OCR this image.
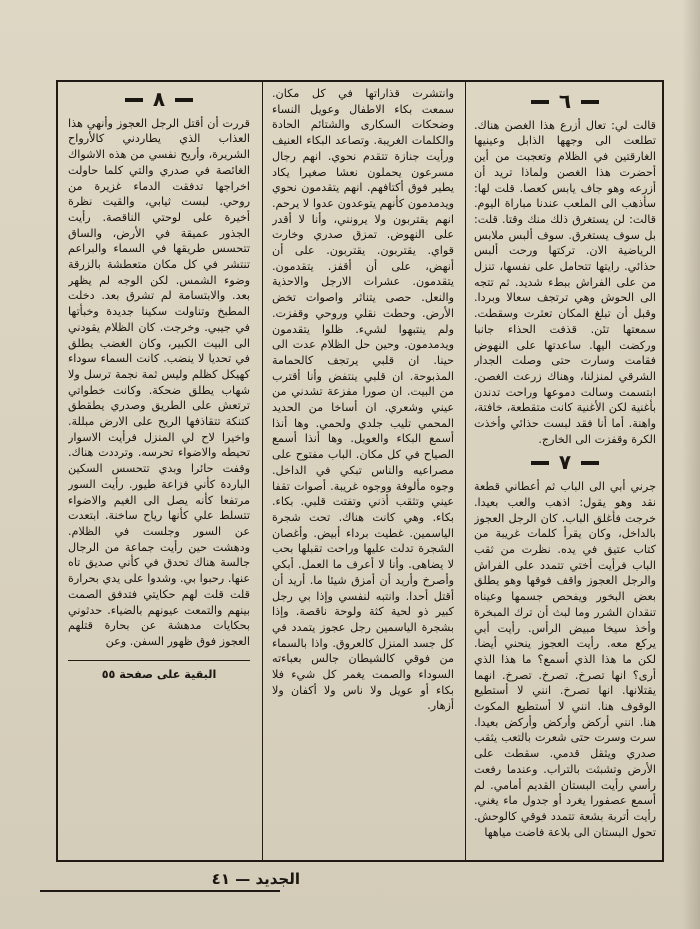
٦

قالت لي: تعال أزرع هذا الغصن هناك. تطلعت الى وجهها الذابل وعينيها الغارقتين في الظلام وتعجبت من أين أحضرت هذا الغصن ولماذا تريد أن أزرعه وهو جاف يابس كعصا. قلت لها: سأذهب الى الملعب عندنا مباراة اليوم. قالت: لن يستغرق ذلك منك وقتا. قلت: بل سوف يستغرق. سوف ألبس ملابس الرياضية الان. تركتها ورحت ألبس حذائي. رايتها تتحامل على نفسها، تنزل من على الفراش ببطء شديد. ثم تتجه الى الحوش وهي ترتجف سعالا وبردا. وقبل أن تبلغ المكان تعثرت وسقطت. سمعتها تئن. قذفت الحذاء جانبا وركضت اليها. ساعدتها على النهوض فقامت وسارت حتى وصلت الجدار الشرقي لمنزلنا، وهناك زرعت الغصن. ابتسمت وسالت دموعها وراحت تدندن بأغنية لكن الأغنية كانت متقطعة، خافتة، واهنة. أما أنا فقد لبست حذائي وأخذت الكرة وقفزت الى الخارج.

٧

جرني أبي الى الباب ثم أعطاني قطعة نقد وهو يقول: اذهب والعب بعيدا. خرجت فأغلق الباب. كان الرجل العجوز بالداخل، وكان يقرأ كلمات غريبة من كتاب عتيق في يده. نظرت من ثقب الباب فرأيت أختي تتمدد على الفراش والرجل العجوز واقف فوقها وهو يطلق بعض البخور ويفحص جسمها وعيناه تنقدان الشرر وما لبث أن ترك المبخرة وأخذ سيخا مبيض الرأس. رأيت أبي يركع معه. رأيت العجوز ينحني أيضا. لكن ما هذا الذي أسمع؟ ما هذا الذي أرى؟ انها تصرخ. تصرخ. تصرخ. انهما يقتلانها. انها تصرخ. انني لا أستطيع الوقوف هنا. انني لا أستطيع المكوث هنا. انني أركض وأركض وأركض بعيدا. سرت وسرت حتى شعرت بالتعب يثقب صدري ويثقل قدمي. سقطت على الأرض وتشبثت بالتراب. وعندما رفعت رأسي رأيت البستان القديم أمامي. لم أسمع عصفورا يغرد أو جدول ماء يغني. رأيت أتربة بشعة تتمدد فوقي كالوحش. تحول البستان الى بلاعة فاضت مياهها

وانتشرت قذاراتها في كل مكان. سمعت بكاء الاطفال وعويل النساء وضحكات السكارى والشتائم الحادة والكلمات الغريبة. وتصاعد البكاء العنيف ورأيت جنازة تتقدم نحوي. انهم رجال مسرعون يحملون نعشا صغيرا يكاد يطير فوق أكتافهم. انهم يتقدمون نحوي ويدمدمون كأنهم يتوعدون عدوا لا يرحم. انهم يقتربون ولا يرونني، وأنا لا أقدر على النهوض. تمزق صدري وخارت قواي. يقتربون. يقتربون. على أن أنهض، على أن أقفز. يتقدمون. يتقدمون. عشرات الارجل والاحذية والنعل. حصى يتناثر واصوات تخض الأرض. وحطت نقلي وروحي وقفزت. ولم ينتبهوا لشيء. ظلوا يتقدمون ويدمدمون. وحين حل الظلام عدت الى حينا. ان قلبي يرتجف كالحمامة المذبوحة. ان قلبي ينتفض وأنا أقترب من البيت. ان صورا مفزعة تشدني من عيني وشعري. ان أساخا من الحديد المحمي تليب جلدي ولحمي. وها أنذا أسمع البكاء والعويل. وها أنذا أسمع الصياح في كل مكان. الباب مفتوح على مصراعيه والناس تبكي في الداخل. وجوه مألوفة ووجوه غريبة. أصوات تقفا عيني وتثقب أذني وتفتت قلبي. بكاء. بكاء. وهي كانت هناك. تحت شجرة الياسمين. غطيت برداء أبيض. وأغصان الشجرة تدلت عليها وراحت تقبلها بحب لا يضاهى. وأنا لا أعرف ما العمل. أبكي وأصرخ وأريد أن أمزق شيئا ما. أريد أن أقتل أحدا. وانتبه لنفسي وإذا بي رجل كبير ذو لحية كثة ولوحة ناقصة. وإذا بشجرة الياسمين رجل عجوز يتمدد في كل جسد المنزل كالعروق. واذا بالسماء من فوقي كالشيطان جالس بعباءته السوداء والصمت يغمر كل شيء فلا بكاء أو عويل ولا ناس ولا أكفان ولا أزهار.

٨

قررت أن أقتل الرجل العجوز وأنهي هذا العذاب الذي يطاردني كالأرواح الشريرة، وأريح نفسي من هذه الاشواك الغائصة في صدري والتي كلما حاولت اخراجها تدفقت الدماء غزيرة من روحي. لبست ثيابي، والقيت نظرة أخيرة على لوحتي الناقصة. رأيت الجذور عميقة في الأرض، والساق تتحسس طريقها في السماء والبراعم تنتشر في كل مكان متعطشة بالزرقة وضوء الشمس. لكن الوجه لم يظهر بعد. والابتسامة لم تشرق بعد. دخلت المطبخ وتناولت سكينا جديدة وخبأتها في جيبي. وخرجت. كان الظلام يقودني الى البيت الكبير، وكان الغضب يطلق في تحديا لا ينضب. كانت السماء سوداء كهيكل كظلم وليس ثمة نجمة ترسل ولا شهاب يطلق ضحكة. وكانت خطواتي ترتعش على الطريق وصدري يطقطق كتنكة تتقاذفها الريح على الارض مبللة. واخيرا لاح لي المنزل فرأيت الاسوار تحيطه والاضواء تحرسه. وترددت هناك. وقفت حائرا وبدي تتحسس السكين الباردة كأني فزاعة طيور. رأيت السور مرتفعا كأنه يصل الى الغيم والاضواء تتسلط علي كأنها رياح ساخنة. ابتعدت عن السور وجلست في الظلام. ودهشت حين رأيت جماعة من الرجال جالسة هناك تحدق في كأني صديق تاه عنها. رحبوا بي. وشدوا على يدي بحرارة قلت قلت لهم حكايتي فتدفق الصمت بينهم والتمعت عيونهم بالضياء. حدثوني بحكايات مدهشة عن بحارة قتلهم العجوز فوق ظهور السفن. وعن

البقية على صفحة ٥٥
الجديد — ٤١
